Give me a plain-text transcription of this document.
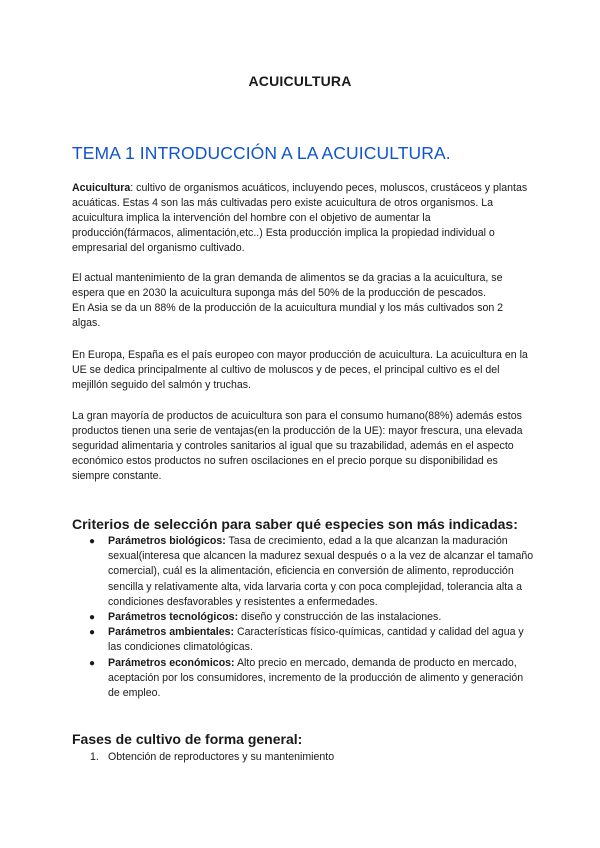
ACUICULTURA
TEMA 1 INTRODUCCIÓN A LA ACUICULTURA.

Acuicultura: cultivo de organismos acuáticos, incluyendo peces, moluscos, crustáceos y plantas acuáticas. Estas 4 son las más cultivadas pero existe acuicultura de otros organismos. La acuicultura implica la intervención del hombre con el objetivo de aumentar la producción(fármacos, alimentación,etc..) Esta producción implica la propiedad individual o empresarial del organismo cultivado.

El actual mantenimiento de la gran demanda de alimentos se da gracias a la acuicultura, se espera que en 2030 la acuicultura suponga más del 50% de la producción de pescados.
En Asia se da un 88% de la producción de la acuicultura mundial y los más cultivados son 2 algas.

En Europa, España es el país europeo con mayor producción de acuicultura. La acuicultura en la UE se dedica principalmente al cultivo de moluscos y de peces, el principal cultivo es el del mejillón seguido del salmón y truchas.

La gran mayoría de productos de acuicultura son para el consumo humano(88%) además estos productos tienen una serie de ventajas(en la producción de la UE): mayor frescura, una elevada seguridad alimentaria y controles sanitarios al igual que su trazabilidad, además en el aspecto económico estos productos no sufren oscilaciones en el precio porque su disponibilidad es siempre constante.

Criterios de selección para saber qué especies son más indicadas:
● Parámetros biológicos: Tasa de crecimiento, edad a la que alcanzan la maduración sexual(interesa que alcancen la madurez sexual después o a la vez de alcanzar el tamaño comercial), cuál es la alimentación, eficiencia en conversión de alimento, reproducción sencilla y relativamente alta, vida larvaria corta y con poca complejidad, tolerancia alta a condiciones desfavorables y resistentes a enfermedades.
● Parámetros tecnológicos: diseño y construcción de las instalaciones.
● Parámetros ambientales: Características físico-químicas, cantidad y calidad del agua y las condiciones climatológicas.
● Parámetros económicos: Alto precio en mercado, demanda de producto en mercado, aceptación por los consumidores, incremento de la producción de alimento y generación de empleo.
Fases de cultivo de forma general:
1. Obtención de reproductores y su mantenimiento
